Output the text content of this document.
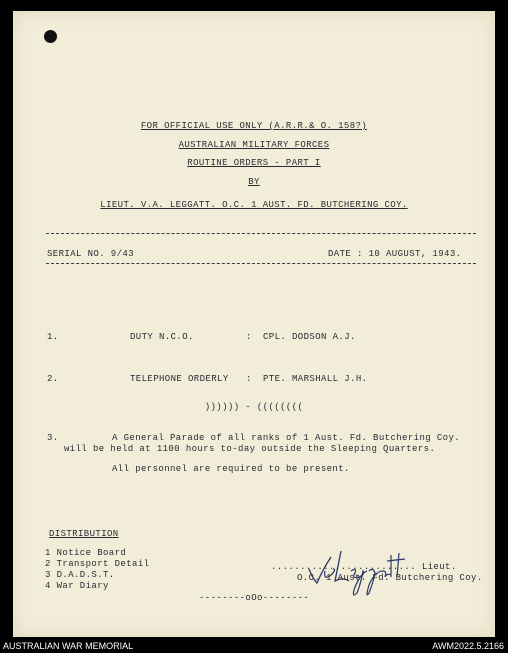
FOR OFFICIAL USE ONLY (A.R.R.& O. 158?)
AUSTRALIAN MILITARY FORCES
ROUTINE ORDERS - PART I
BY
LIEUT. V.A. LEGGATT. O.C. 1 AUST. FD. BUTCHERING COY.
SERIAL NO. 9/43	DATE : 10 AUGUST, 1943.
1.	DUTY N.C.O.	: CPL. DODSON A.J.
2.	TELEPHONE ORDERLY : PTE. MARSHALL J.H.
)))))) - ((((((((
3.	A General Parade of all ranks of 1 Aust. Fd. Butchering Coy.
will be held at 1100 hours to-day outside the Sleeping Quarters.
All personnel are required to be present.
DISTRIBUTION
1 Notice Board
2 Transport Detail
3 D.A.D.S.T.
4 War Diary
......................... Lieut.
O.C. 1 Aust. Fd. Butchering Coy.
--------oOo--------
AUSTRALIAN WAR MEMORIAL	AWM2022.5.2166
